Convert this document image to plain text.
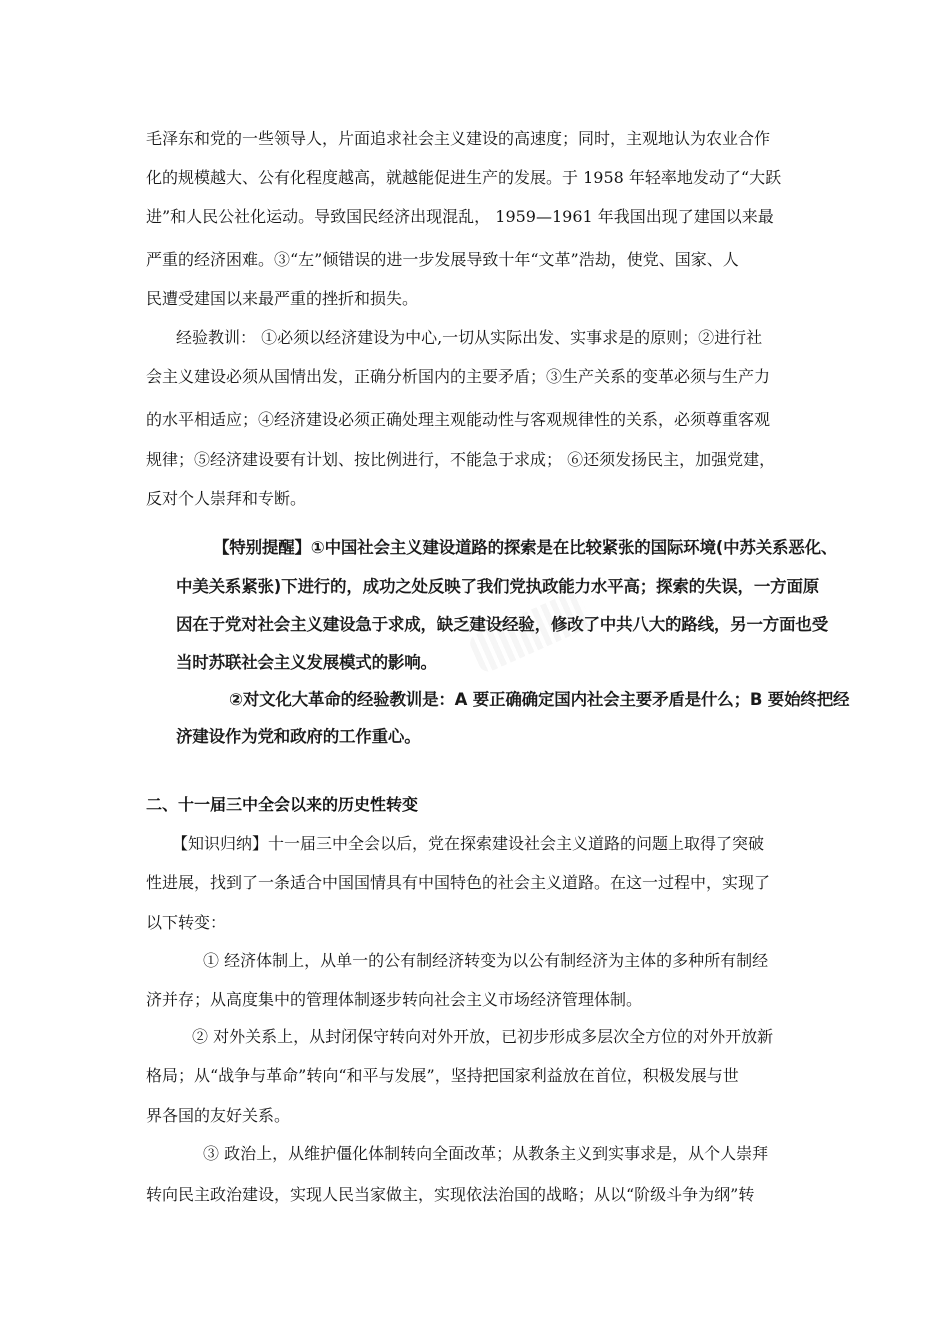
毛泽东和党的一些领导人，片面追求社会主义建设的高速度；同时，主观地认为农业合作
化的规模越大、公有化程度越高，就越能促进生产的发展。于 1958 年轻率地发动了“大跃
进”和人民公社化运动。导致国民经济出现混乱， 1959—1961 年我国出现了建国以来最
严重的经济困难。③“左”倾错误的进一步发展导致十年“文革”浩劫，使党、国家、人
民遭受建国以来最严重的挫折和损失。
经验教训： ①必须以经济建设为中心,一切从实际出发、实事求是的原则；②进行社
会主义建设必须从国情出发，正确分析国内的主要矛盾；③生产关系的变革必须与生产力
的水平相适应；④经济建设必须正确处理主观能动性与客观规律性的关系，必须尊重客观
规律；⑤经济建设要有计划、按比例进行，不能急于求成； ⑥还须发扬民主，加强党建，
反对个人崇拜和专断。
【特别提醒】①中国社会主义建设道路的探索是在比较紧张的国际环境(中苏关系恶化、
中美关系紧张)下进行的，成功之处反映了我们党执政能力水平高；探索的失误，一方面原
因在于党对社会主义建设急于求成，缺乏建设经验，修改了中共八大的路线，另一方面也受
当时苏联社会主义发展模式的影响。
②对文化大革命的经验教训是：A 要正确确定国内社会主要矛盾是什么；B 要始终把经
济建设作为党和政府的工作重心。
二、十一届三中全会以来的历史性转变
【知识归纳】十一届三中全会以后，党在探索建设社会主义道路的问题上取得了突破
性进展，找到了一条适合中国国情具有中国特色的社会主义道路。在这一过程中，实现了
以下转变：
① 经济体制上，从单一的公有制经济转变为以公有制经济为主体的多种所有制经
济并存；从高度集中的管理体制逐步转向社会主义市场经济管理体制。
② 对外关系上，从封闭保守转向对外开放，已初步形成多层次全方位的对外开放新
格局；从“战争与革命”转向“和平与发展”，坚持把国家利益放在首位，积极发展与世
界各国的友好关系。
③ 政治上，从维护僵化体制转向全面改革；从教条主义到实事求是，从个人崇拜
转向民主政治建设，实现人民当家做主，实现依法治国的战略；从以“阶级斗争为纲”转
